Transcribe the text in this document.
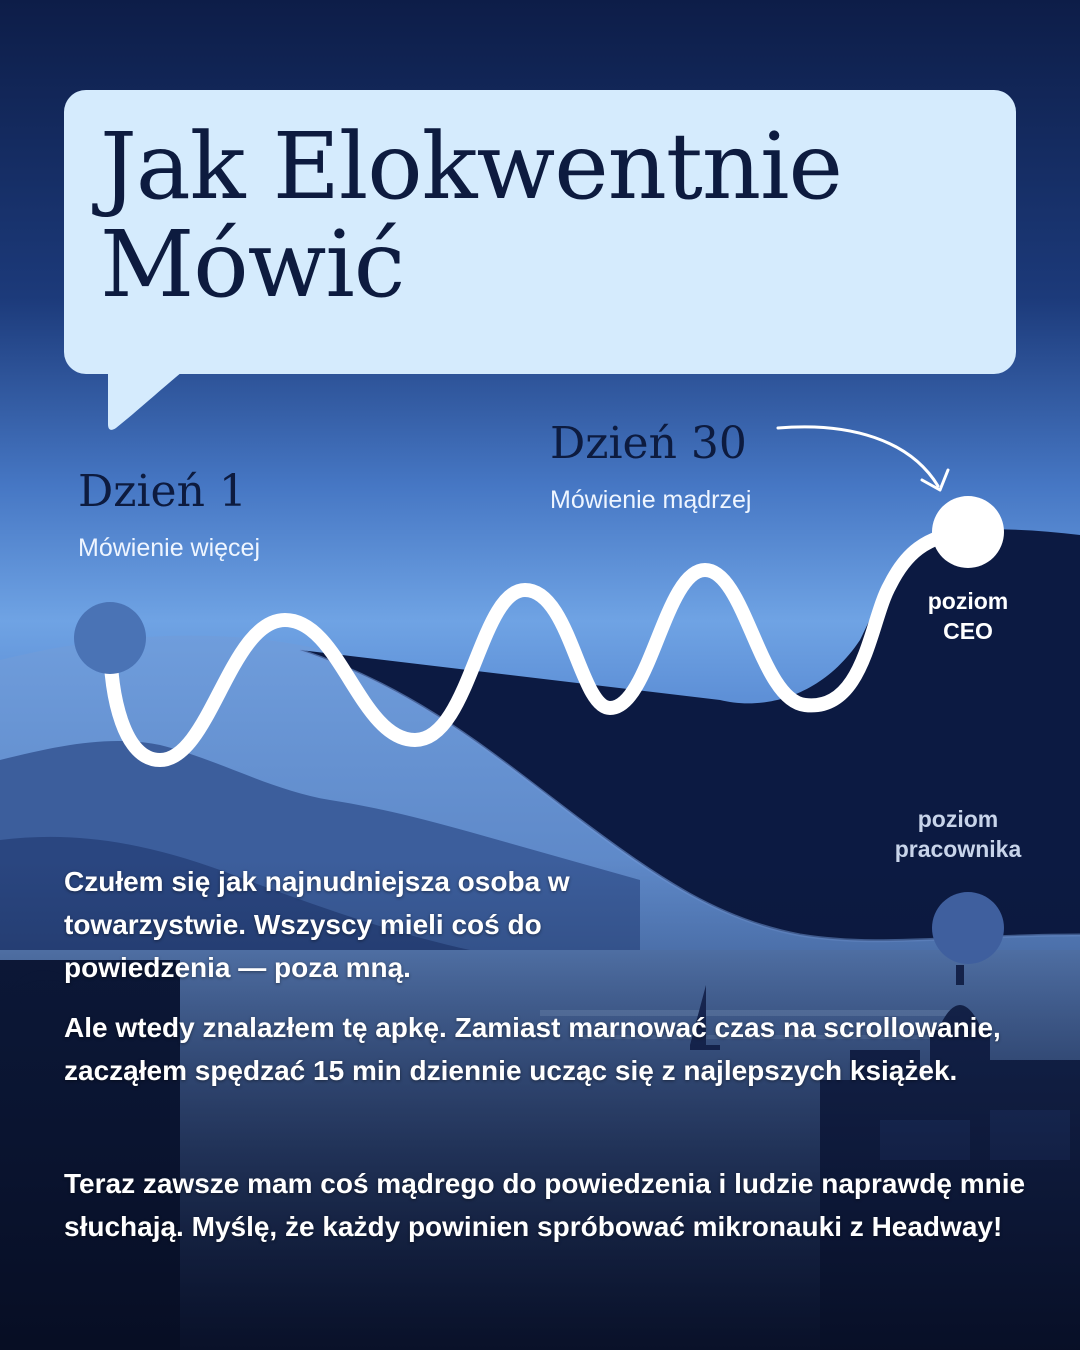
Jak Elokwentnie
Mówić
Dzień 1

Mówienie więcej

Dzień 30

Mówienie mądrzej

poziom
CEO

poziom
pracownika

Czułem się jak najnudniejsza osoba w towarzystwie. Wszyscy mieli coś do powiedzenia — poza mną.

Ale wtedy znalazłem tę apkę. Zamiast marnować czas na scrollowanie, zacząłem spędzać 15 min dziennie ucząc się z najlepszych książek.

Teraz zawsze mam coś mądrego do powiedzenia i ludzie naprawdę mnie słuchają. Myślę, że każdy powinien spróbować mikronauki z Headway!
